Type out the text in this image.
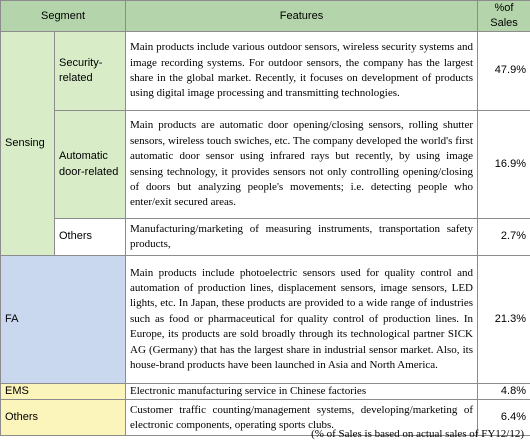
Segment		Features	%of Sales
Sensing	Security-related	Main products include various outdoor sensors, wireless security systems and image recording systems. For outdoor sensors, the company has the largest share in the global market. Recently, it focuses on development of products using digital image processing and transmitting technologies.	47.9%
	Automatic door-related	Main products are automatic door opening/closing sensors, rolling shutter sensors, wireless touch swiches, etc. The company developed the world's first automatic door sensor using infrared rays but recently, by using image sensing technology, it provides sensors not only controlling opening/closing of doors but analyzing people's movements; i.e. detecting people who enter/exit secured areas.	16.9%
	Others	Manufacturing/marketing of measuring instruments, transportation safety products,	2.7%
FA		Main products include photoelectric sensors used for quality control and automation of production lines, displacement sensors, image sensors, LED lights, etc. In Japan, these products are provided to a wide range of industries such as food or pharmaceutical for quality control of production lines. In Europe, its products are sold broadly through its technological partner SICK AG (Germany) that has the largest share in industrial sensor market. Also, its house-brand products have been launched in Asia and North America.	21.3%
EMS		Electronic manufacturing service in Chinese factories	4.8%
Others		Customer traffic counting/management systems, developing/marketing of electronic components, operating sports clubs.	6.4%
(% of Sales is based on actual sales of FY12/12)
